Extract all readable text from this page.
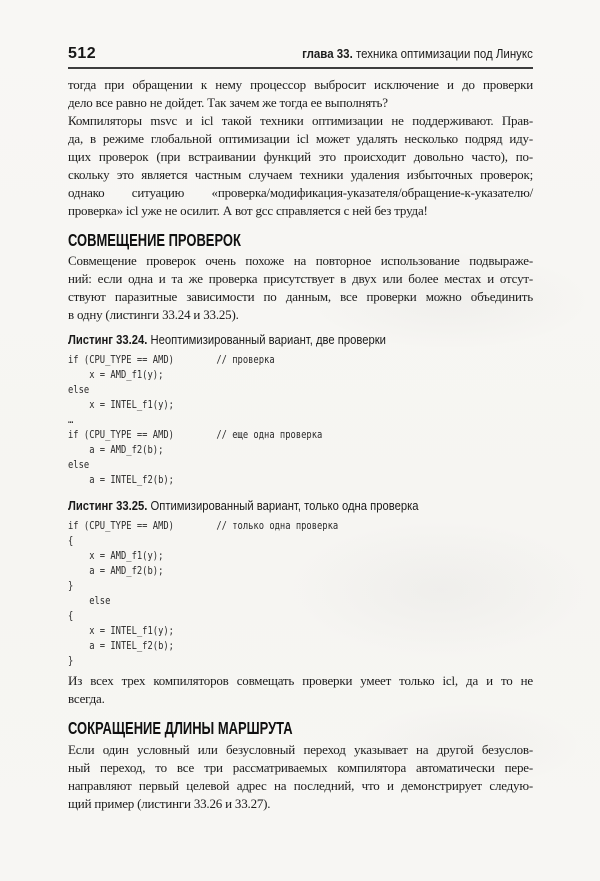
512	глава 33. техника оптимизации под Линукс
тогда при обращении к нему процессор выбросит исключение и до проверки
дело все равно не дойдет. Так зачем же тогда ее выполнять?
Компиляторы msvc и icl такой техники оптимизации не поддерживают. Прав-
да, в режиме глобальной оптимизации icl может удалять несколько подряд иду-
щих проверок (при встраивании функций это происходит довольно часто), по-
скольку это является частным случаем техники удаления избыточных проверок;
однако ситуацию «проверка/модификация-указателя/обращение-к-указателю/
проверка» icl уже не осилит. А вот gcc справляется с ней без труда!
СОВМЕЩЕНИЕ ПРОВЕРОК
Совмещение проверок очень похоже на повторное использование подвыраже-
ний: если одна и та же проверка присутствует в двух или более местах и отсут-
ствуют паразитные зависимости по данным, все проверки можно объединить
в одну (листинги 33.24 и 33.25).
Листинг 33.24. Неоптимизированный вариант, две проверки
if (CPU_TYPE == AMD)        // проверка
x = AMD_f1(y);
else
x = INTEL_f1(y);
…
if (CPU_TYPE == AMD)        // еще одна проверка
a = AMD_f2(b);
else
a = INTEL_f2(b);
Листинг 33.25. Оптимизированный вариант, только одна проверка
if (CPU_TYPE == AMD)        // только одна проверка
{
x = AMD_f1(y);
a = AMD_f2(b);
}
else
{
x = INTEL_f1(y);
a = INTEL_f2(b);
}
Из всех трех компиляторов совмещать проверки умеет только icl, да и то не
всегда.
СОКРАЩЕНИЕ ДЛИНЫ МАРШРУТА
Если один условный или безусловный переход указывает на другой безуслов-
ный переход, то все три рассматриваемых компилятора автоматически пере-
направляют первый целевой адрес на последний, что и демонстрирует следую-
щий пример (листинги 33.26 и 33.27).
